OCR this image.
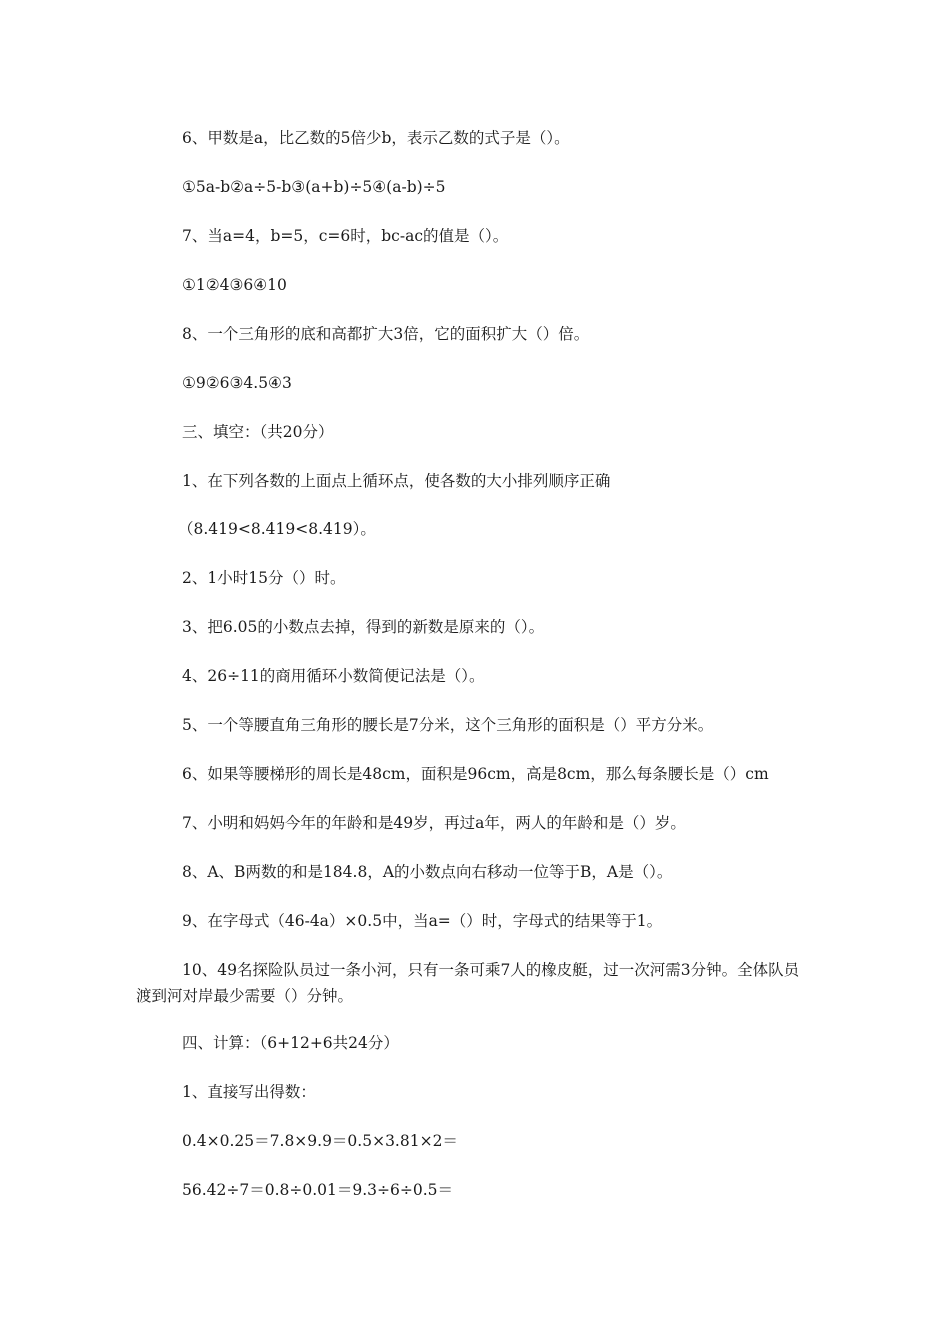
6、甲数是a，比乙数的5倍少b，表示乙数的式子是（）。
①5a-b②a÷5-b③(a+b)÷5④(a-b)÷5
7、当a=4，b=5，c=6时，bc-ac的值是（）。
①1②4③6④10
8、一个三角形的底和高都扩大3倍，它的面积扩大（）倍。
①9②6③4.5④3
三、填空：（共20分）
1、在下列各数的上面点上循环点，使各数的大小排列顺序正确
（8.419<8.419<8.419）。
2、1小时15分（）时。
3、把6.05的小数点去掉，得到的新数是原来的（）。
4、26÷11的商用循环小数简便记法是（）。
5、一个等腰直角三角形的腰长是7分米，这个三角形的面积是（）平方分米。
6、如果等腰梯形的周长是48cm，面积是96cm，高是8cm，那么每条腰长是（）cm
7、小明和妈妈今年的年龄和是49岁，再过a年，两人的年龄和是（）岁。
8、A、B两数的和是184.8，A的小数点向右移动一位等于B，A是（）。
9、在字母式（46-4a）×0.5中，当a=（）时，字母式的结果等于1。
10、49名探险队员过一条小河，只有一条可乘7人的橡皮艇，过一次河需3分钟。全体队员渡到河对岸最少需要（）分钟。
四、计算：（6+12+6共24分）
1、直接写出得数：
0.4×0.25＝7.8×9.9＝0.5×3.81×2＝
56.42÷7＝0.8÷0.01＝9.3÷6÷0.5＝
